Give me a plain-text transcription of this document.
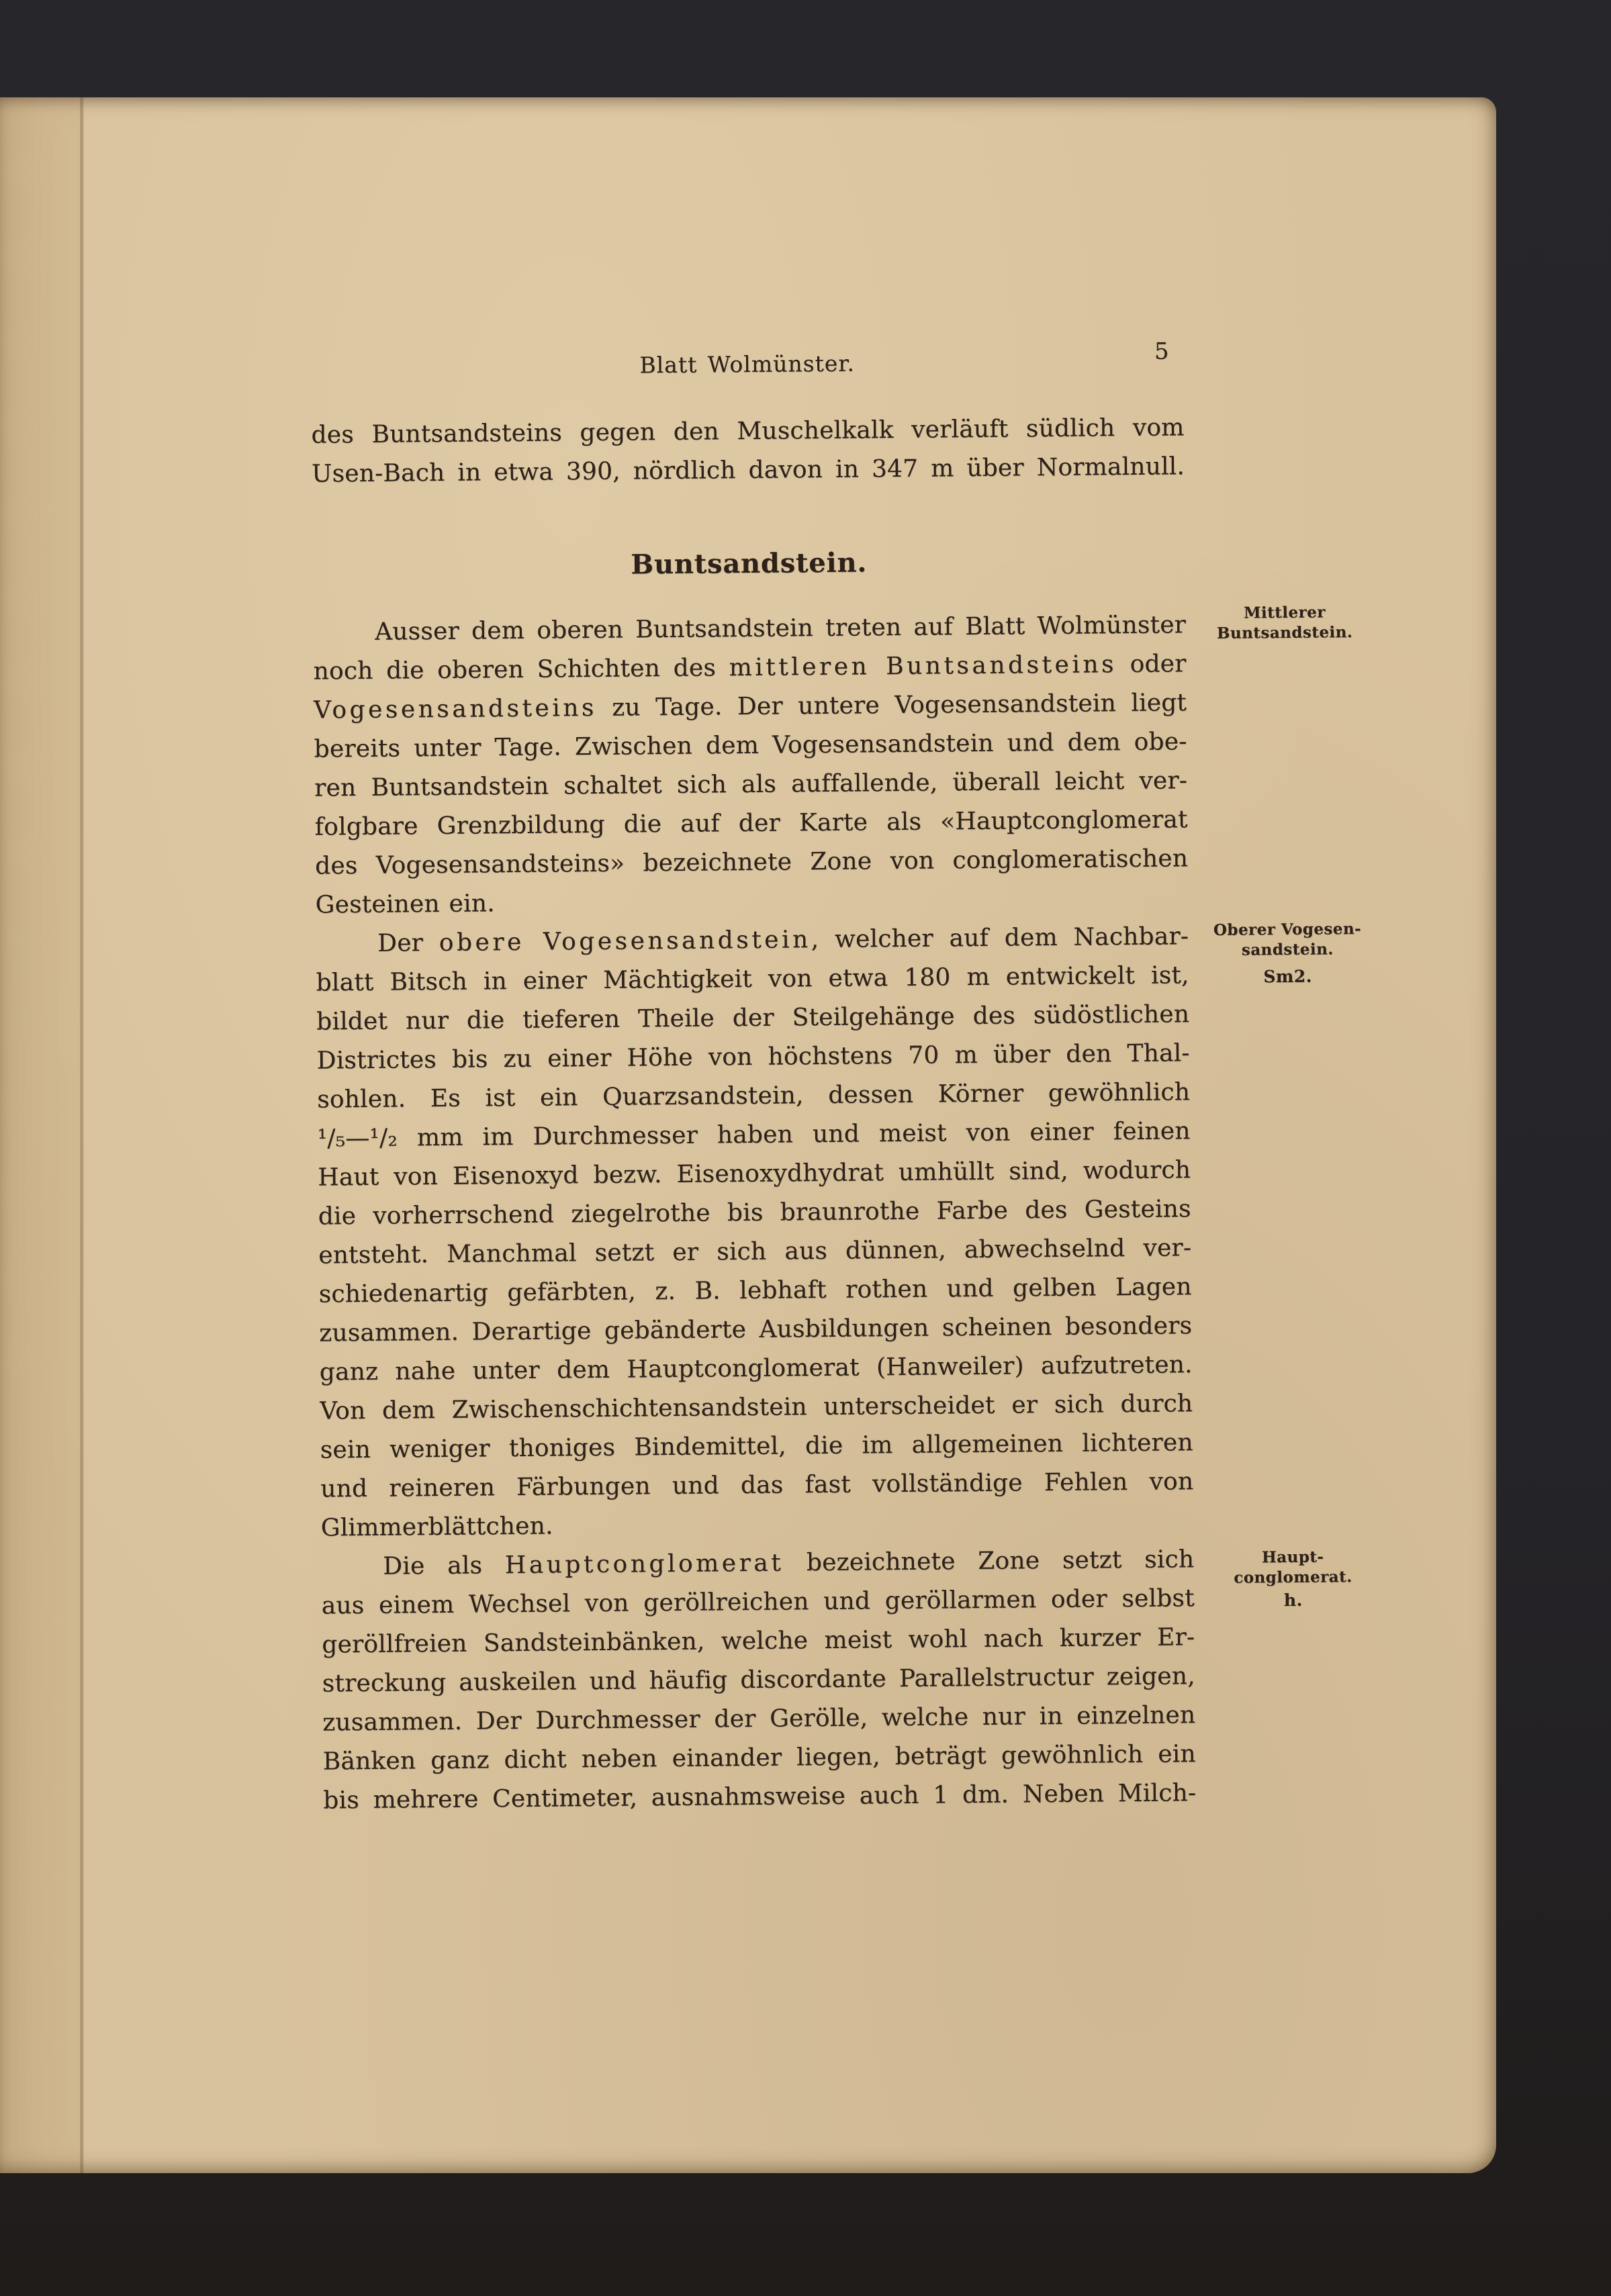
Blatt Wolmünster.	5
des Buntsandsteins gegen den Muschelkalk verläuft südlich vom
Usen-Bach in etwa 390, nördlich davon in 347 m über Normalnull.
Buntsandstein.
Ausser dem oberen Buntsandstein treten auf Blatt Wolmünster
noch die oberen Schichten des mittleren Buntsandsteins oder
Vogesensandsteins zu Tage. Der untere Vogesensandstein liegt
bereits unter Tage. Zwischen dem Vogesensandstein und dem obe-
ren Buntsandstein schaltet sich als auffallende, überall leicht ver-
folgbare Grenzbildung die auf der Karte als «Hauptconglomerat
des Vogesensandsteins» bezeichnete Zone von conglomeratischen
Gesteinen ein.
Der obere Vogesensandstein, welcher auf dem Nachbar-
blatt Bitsch in einer Mächtigkeit von etwa 180 m entwickelt ist,
bildet nur die tieferen Theile der Steilgehänge des südöstlichen
Districtes bis zu einer Höhe von höchstens 70 m über den Thal-
sohlen. Es ist ein Quarzsandstein, dessen Körner gewöhnlich
¹/₅—¹/₂ mm im Durchmesser haben und meist von einer feinen
Haut von Eisenoxyd bezw. Eisenoxydhydrat umhüllt sind, wodurch
die vorherrschend ziegelrothe bis braunrothe Farbe des Gesteins
entsteht. Manchmal setzt er sich aus dünnen, abwechselnd ver-
schiedenartig gefärbten, z. B. lebhaft rothen und gelben Lagen
zusammen. Derartige gebänderte Ausbildungen scheinen besonders
ganz nahe unter dem Hauptconglomerat (Hanweiler) aufzutreten.
Von dem Zwischenschichtensandstein unterscheidet er sich durch
sein weniger thoniges Bindemittel, die im allgemeinen lichteren
und reineren Färbungen und das fast vollständige Fehlen von
Glimmerblättchen.
Die als Hauptconglomerat bezeichnete Zone setzt sich
aus einem Wechsel von geröllreichen und geröllarmen oder selbst
geröllfreien Sandsteinbänken, welche meist wohl nach kurzer Er-
streckung auskeilen und häufig discordante Parallelstructur zeigen,
zusammen. Der Durchmesser der Gerölle, welche nur in einzelnen
Bänken ganz dicht neben einander liegen, beträgt gewöhnlich ein
bis mehrere Centimeter, ausnahmsweise auch 1 dm. Neben Milch-
Mittlerer
Buntsandstein.
Oberer Vogesen-
sandstein.
Sm2.
Haupt-
conglomerat.
h.
